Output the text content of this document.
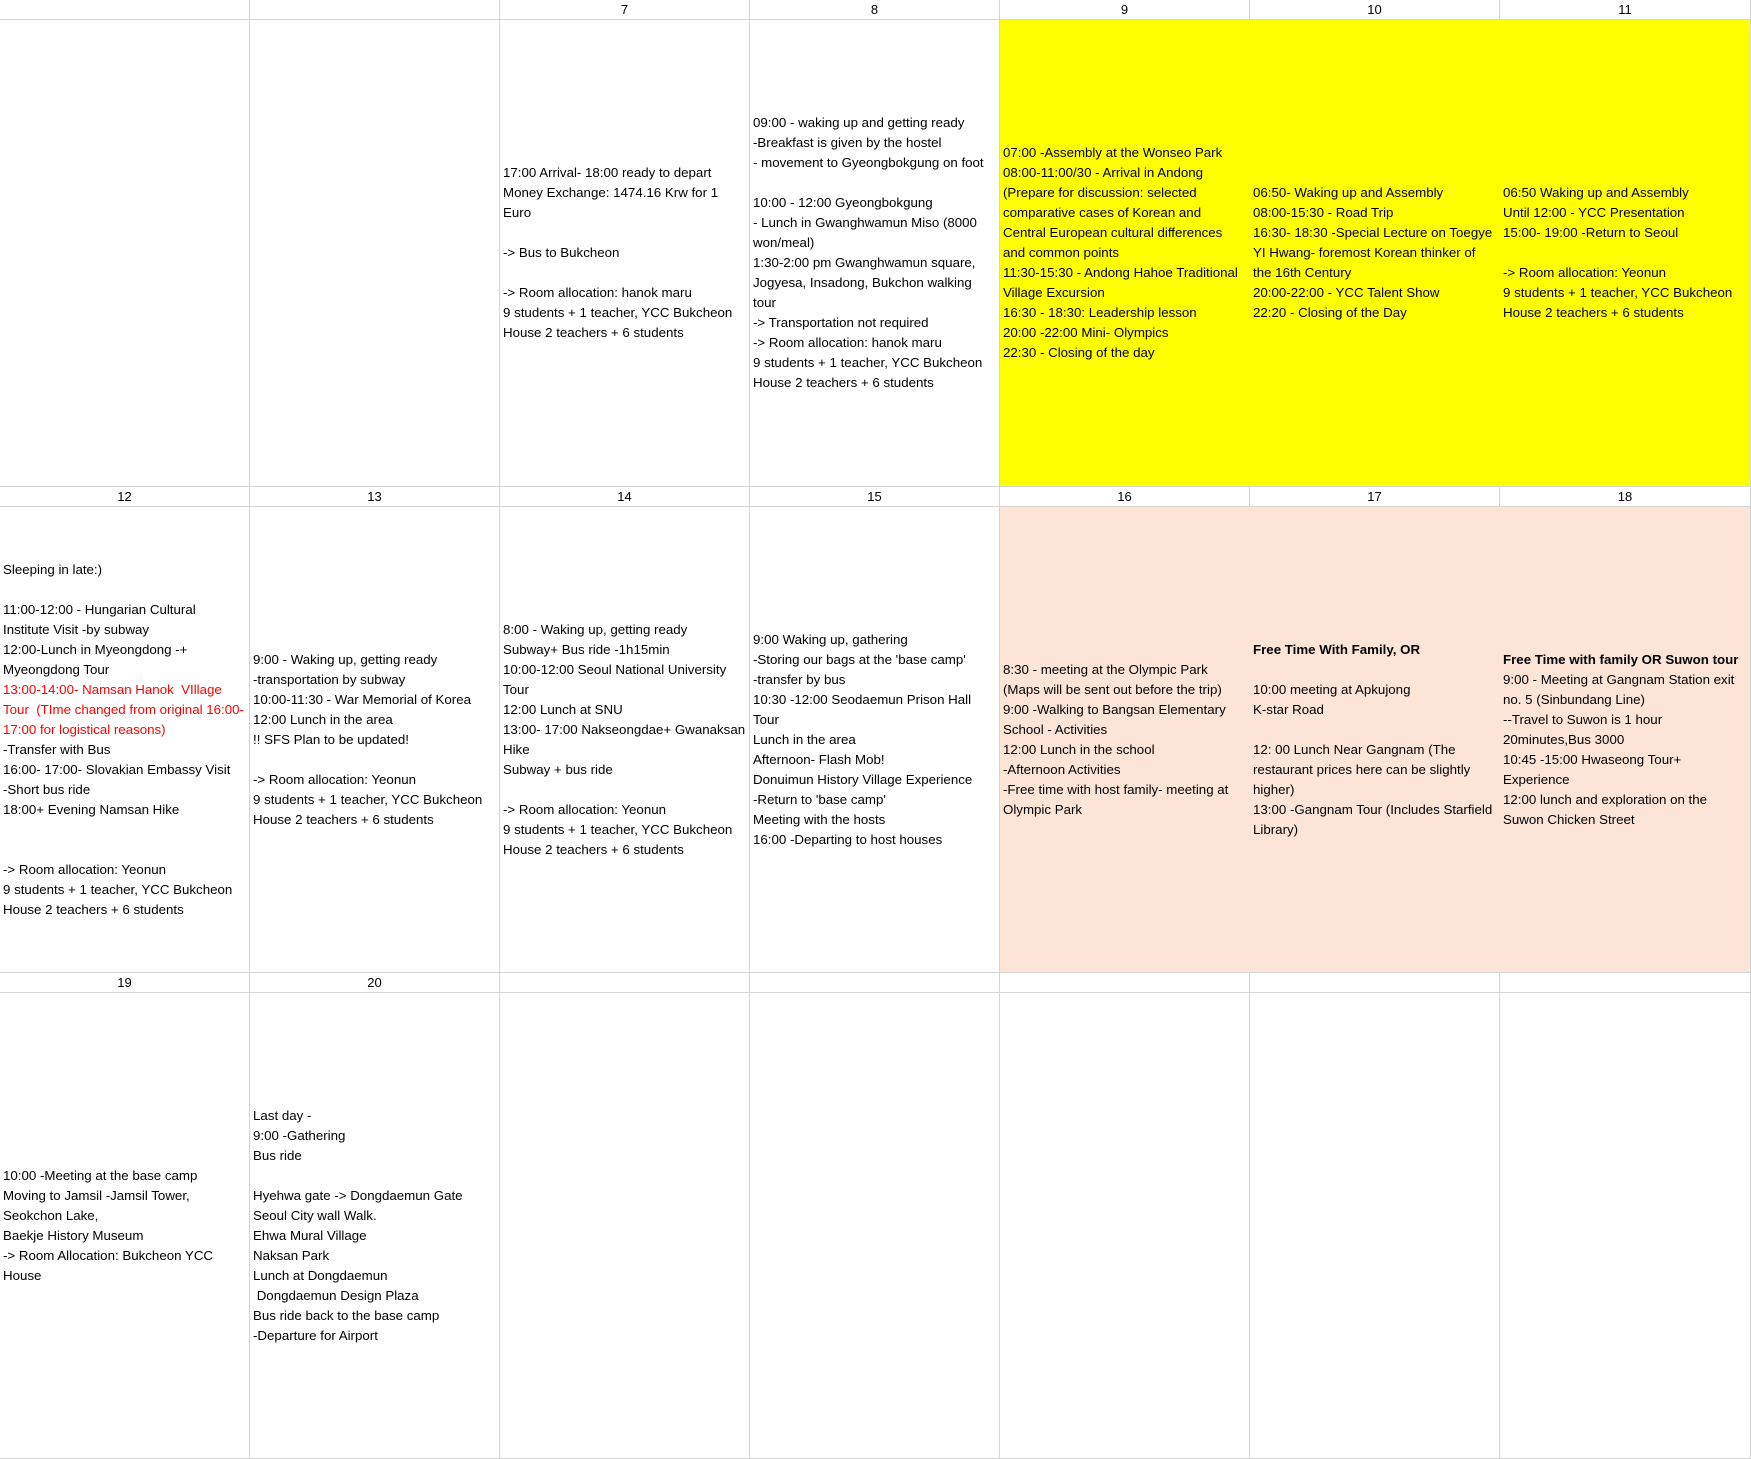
7
17:00 Arrival- 18:00 ready to depart
Money Exchange: 1474.16 Krw for 1
Euro
-> Bus to Bukcheon
-> Room allocation: hanok maru
9 students + 1 teacher, YCC Bukcheon
House 2 teachers + 6 students
8
09:00 - waking up and getting ready
-Breakfast is given by the hostel
- movement to Gyeongbokgung on foot
10:00 - 12:00 Gyeongbokgung
- Lunch in Gwanghwamun Miso (8000
won/meal)
1:30-2:00 pm Gwanghwamun square,
Jogyesa, Insadong, Bukchon walking
tour
-> Transportation not required
-> Room allocation: hanok maru
9 students + 1 teacher, YCC Bukcheon
House 2 teachers + 6 students
9
07:00 -Assembly at the Wonseo Park
08:00-11:00/30 - Arrival in Andong
(Prepare for discussion: selected
comparative cases of Korean and
Central European cultural differences
and common points
11:30-15:30 - Andong Hahoe Traditional
Village Excursion
16:30 - 18:30: Leadership lesson
20:00 -22:00 Mini- Olympics
22:30 - Closing of the day
10
06:50- Waking up and Assembly
08:00-15:30 - Road Trip
16:30- 18:30 -Special Lecture on Toegye
YI Hwang- foremost Korean thinker of
the 16th Century
20:00-22:00 - YCC Talent Show
22:20 - Closing of the Day
11
06:50 Waking up and Assembly
Until 12:00 - YCC Presentation
15:00- 19:00 -Return to Seoul
-> Room allocation: Yeonun
9 students + 1 teacher, YCC Bukcheon
House 2 teachers + 6 students
12
Sleeping in late:)
11:00-12:00 - Hungarian Cultural
Institute Visit -by subway
12:00-Lunch in Myeongdong -+
Myeongdong Tour
13:00-14:00- Namsan Hanok  VIllage
Tour  (TIme changed from original 16:00-
17:00 for logistical reasons)
-Transfer with Bus
16:00- 17:00- Slovakian Embassy Visit
-Short bus ride
18:00+ Evening Namsan Hike
-> Room allocation: Yeonun
9 students + 1 teacher, YCC Bukcheon
House 2 teachers + 6 students
13
9:00 - Waking up, getting ready
-transportation by subway
10:00-11:30 - War Memorial of Korea
12:00 Lunch in the area
!! SFS Plan to be updated!
-> Room allocation: Yeonun
9 students + 1 teacher, YCC Bukcheon
House 2 teachers + 6 students
14
8:00 - Waking up, getting ready
Subway+ Bus ride -1h15min
10:00-12:00 Seoul National University
Tour
12:00 Lunch at SNU
13:00- 17:00 Nakseongdae+ Gwanaksan
Hike
Subway + bus ride
-> Room allocation: Yeonun
9 students + 1 teacher, YCC Bukcheon
House 2 teachers + 6 students
15
9:00 Waking up, gathering
-Storing our bags at the 'base camp'
-transfer by bus
10:30 -12:00 Seodaemun Prison Hall
Tour
Lunch in the area
Afternoon- Flash Mob!
Donuimun History Village Experience
-Return to 'base camp'
Meeting with the hosts
16:00 -Departing to host houses
16
8:30 - meeting at the Olympic Park
(Maps will be sent out before the trip)
9:00 -Walking to Bangsan Elementary
School - Activities
12:00 Lunch in the school
-Afternoon Activities
-Free time with host family- meeting at
Olympic Park
17
Free Time With Family, OR
10:00 meeting at Apkujong
K-star Road
12: 00 Lunch Near Gangnam (The
restaurant prices here can be slightly
higher)
13:00 -Gangnam Tour (Includes Starfield
Library)
18
Free Time with family OR Suwon tour
9:00 - Meeting at Gangnam Station exit
no. 5 (Sinbundang Line)
--Travel to Suwon is 1 hour
20minutes,Bus 3000
10:45 -15:00 Hwaseong Tour+
Experience
12:00 lunch and exploration on the
Suwon Chicken Street
19
10:00 -Meeting at the base camp
Moving to Jamsil -Jamsil Tower,
Seokchon Lake,
Baekje History Museum
-> Room Allocation: Bukcheon YCC
House
20
Last day -
9:00 -Gathering
Bus ride
Hyehwa gate -> Dongdaemun Gate
Seoul City wall Walk.
Ehwa Mural Village
Naksan Park
Lunch at Dongdaemun
Dongdaemun Design Plaza
Bus ride back to the base camp
-Departure for Airport
